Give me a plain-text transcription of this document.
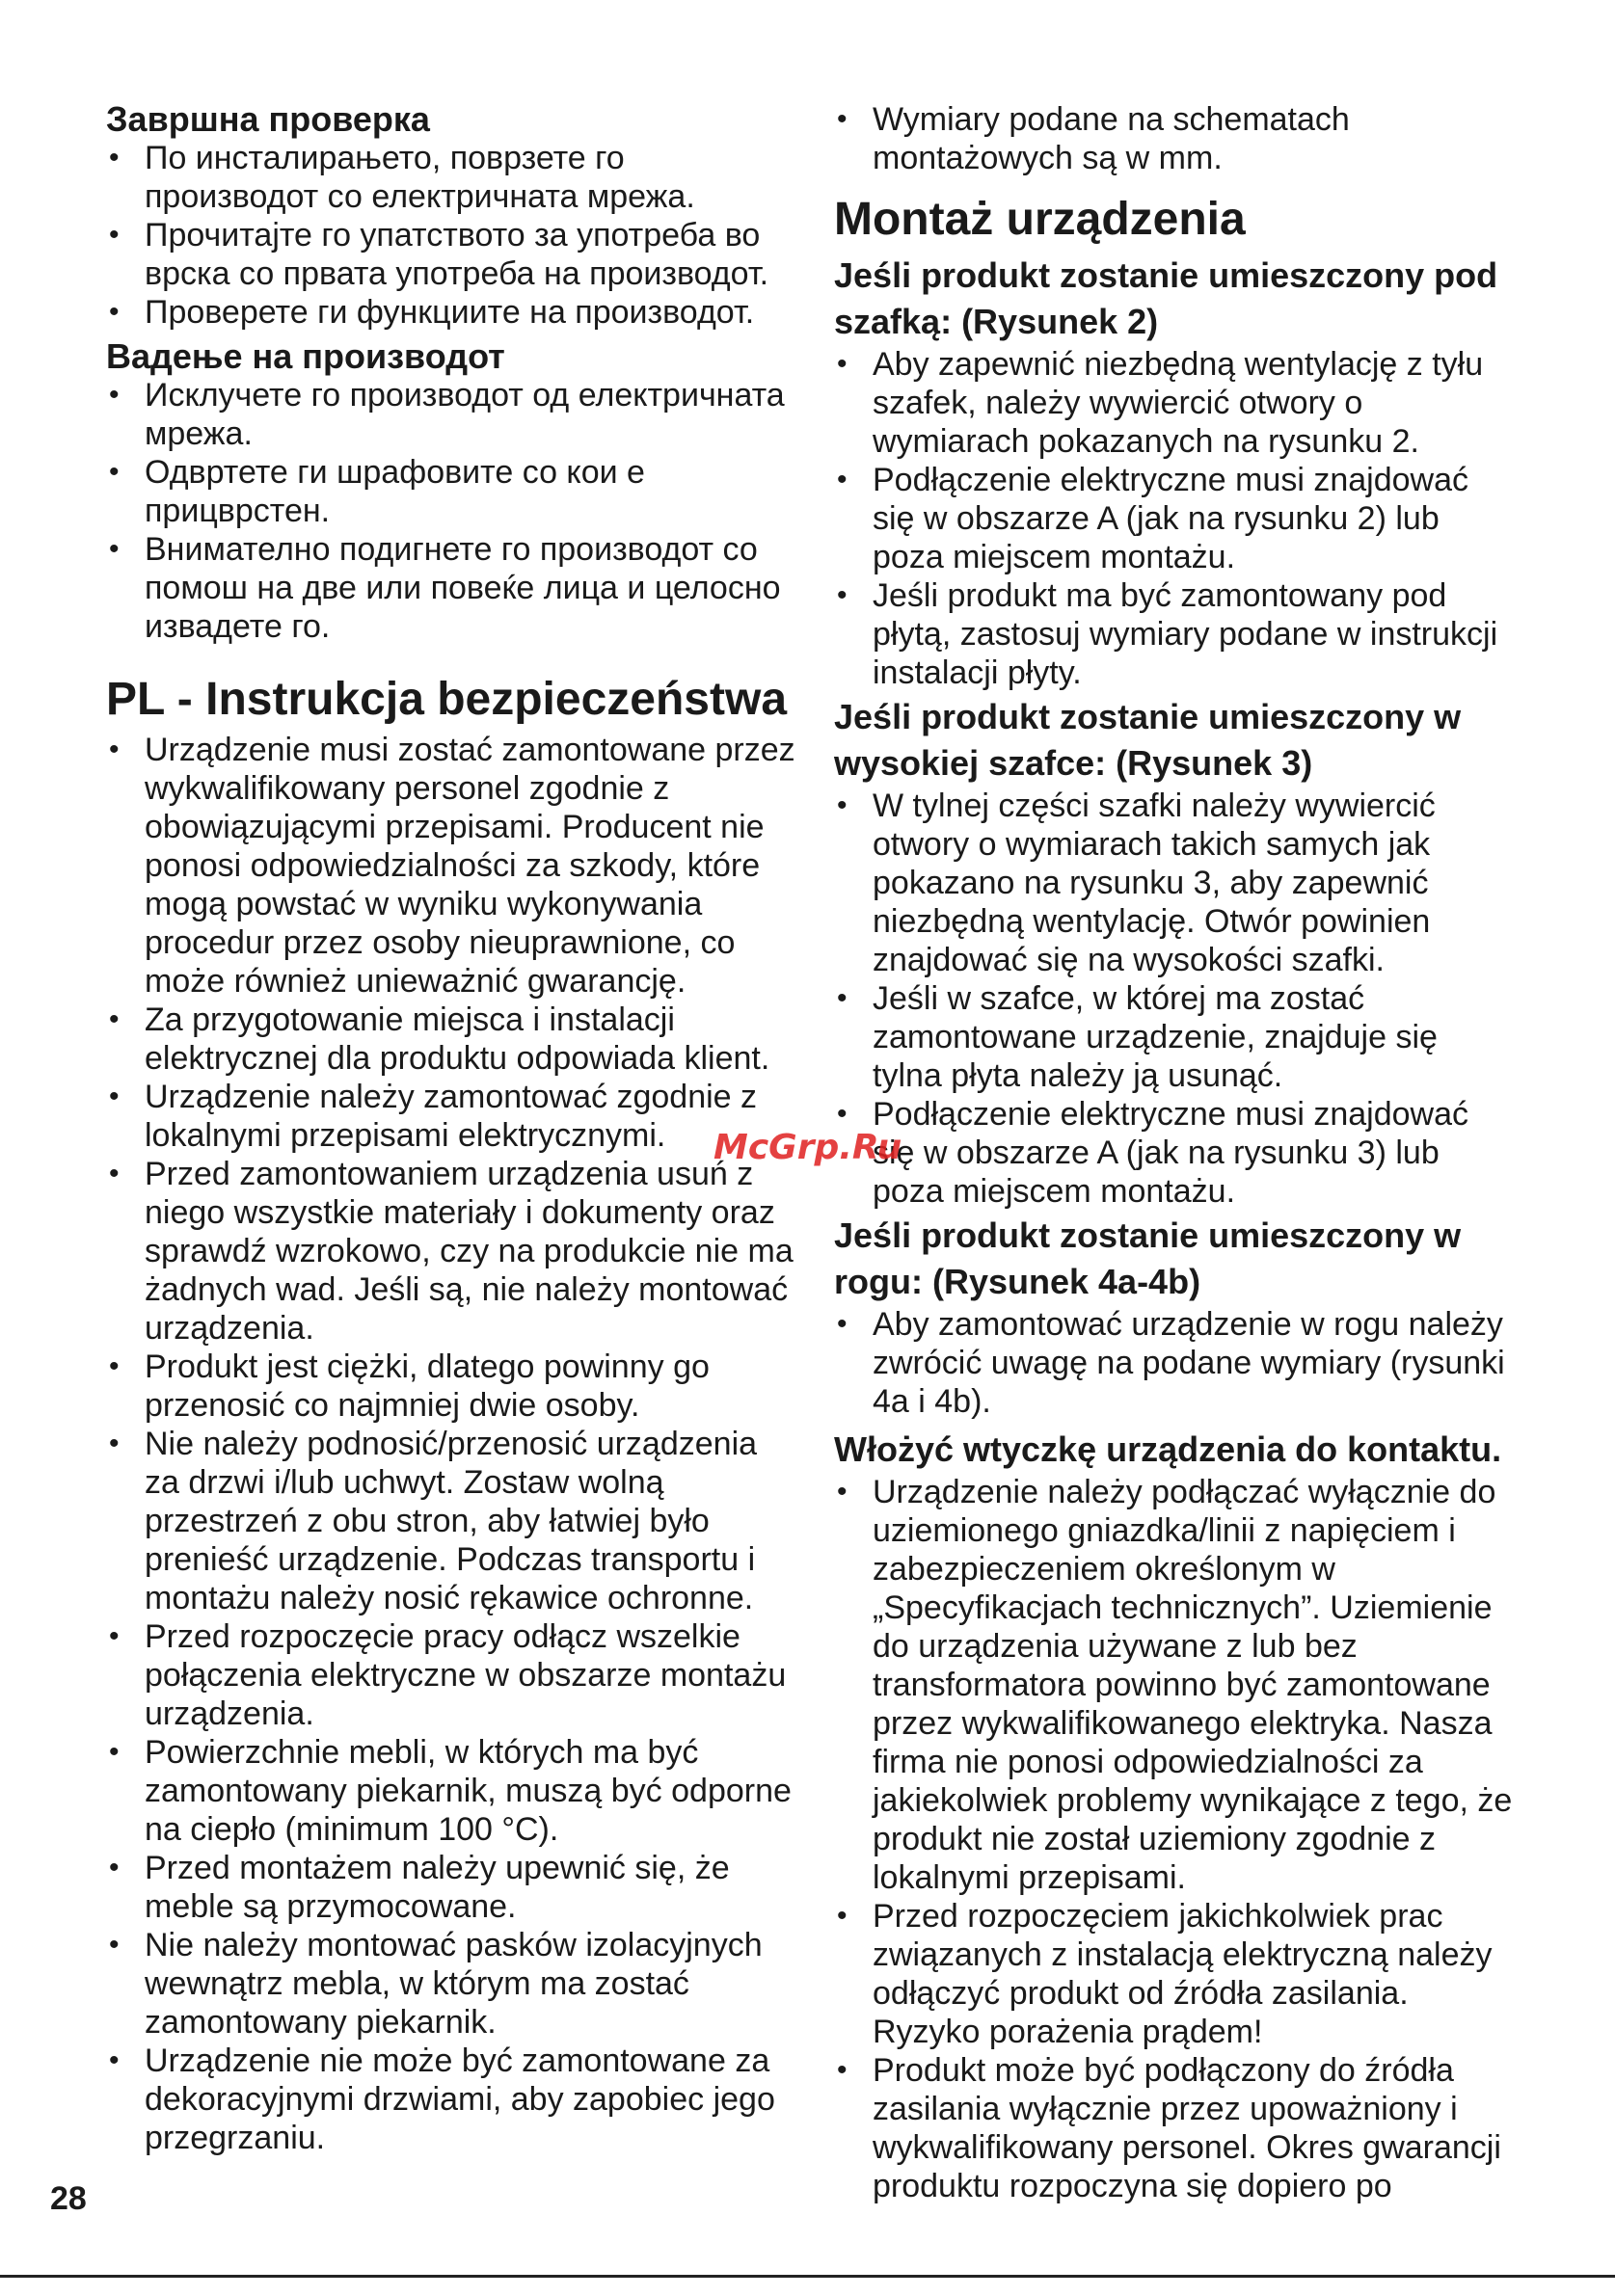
Завршна проверка
• По инсталирањето, поврзете го производот со електричната мрежа.
• Прочитајте го упатството за употреба во врска со првата употреба на производот.
• Проверете ги функциите на производот.
Вадење на производот
• Исклучете го производот од електричната мрежа.
• Одвртете ги шрафовите со кои е прицврстен.
• Внимателно подигнете го производот со помош на две или повеќе лица и целосно извадете го.
PL - Instrukcja bezpieczeństwa
• Urządzenie musi zostać zamontowane przez wykwalifikowany personel zgodnie z obowiązującymi przepisami. Producent nie ponosi odpowiedzialności za szkody, które mogą powstać w wyniku wykonywania procedur przez osoby nieuprawnione, co może również unieważnić gwarancję.
• Za przygotowanie miejsca i instalacji elektrycznej dla produktu odpowiada klient.
• Urządzenie należy zamontować zgodnie z lokalnymi przepisami elektrycznymi.
• Przed zamontowaniem urządzenia usuń z niego wszystkie materiały i dokumenty oraz sprawdź wzrokowo, czy na produkcie nie ma żadnych wad. Jeśli są, nie należy montować urządzenia.
• Produkt jest ciężki, dlatego powinny go przenosić co najmniej dwie osoby.
• Nie należy podnosić/przenosić urządzenia za drzwi i/lub uchwyt. Zostaw wolną przestrzeń z obu stron, aby łatwiej było prenieść urządzenie. Podczas transportu i montażu należy nosić rękawice ochronne.
• Przed rozpoczęcie pracy odłącz wszelkie połączenia elektryczne w obszarze montażu urządzenia.
• Powierzchnie mebli, w których ma być zamontowany piekarnik, muszą być odporne na ciepło (minimum 100 °C).
• Przed montażem należy upewnić się, że meble są przymocowane.
• Nie należy montować pasków izolacyjnych wewnątrz mebla, w którym ma zostać zamontowany piekarnik.
• Urządzenie nie może być zamontowane za dekoracyjnymi drzwiami, aby zapobiec jego przegrzaniu.
• Wymiary podane na schematach montażowych są w mm.
Montaż urządzenia
Jeśli produkt zostanie umieszczony pod szafką: (Rysunek 2)
• Aby zapewnić niezbędną wentylację z tyłu szafek, należy wywiercić otwory o wymiarach pokazanych na rysunku 2.
• Podłączenie elektryczne musi znajdować się w obszarze A (jak na rysunku 2) lub poza miejscem montażu.
• Jeśli produkt ma być zamontowany pod płytą, zastosuj wymiary podane w instrukcji instalacji płyty.
Jeśli produkt zostanie umieszczony w wysokiej szafce: (Rysunek 3)
• W tylnej części szafki należy wywiercić otwory o wymiarach takich samych jak pokazano na rysunku 3, aby zapewnić niezbędną wentylację. Otwór powinien znajdować się na wysokości szafki.
• Jeśli w szafce, w której ma zostać zamontowane urządzenie, znajduje się tylna płyta należy ją usunąć.
• Podłączenie elektryczne musi znajdować się w obszarze A (jak na rysunku 3) lub poza miejscem montażu.
Jeśli produkt zostanie umieszczony w rogu: (Rysunek 4a-4b)
• Aby zamontować urządzenie w rogu należy zwrócić uwagę na podane wymiary (rysunki 4a i 4b).
Włożyć wtyczkę urządzenia do kontaktu.
• Urządzenie należy podłączać wyłącznie do uziemionego gniazdka/linii z napięciem i zabezpieczeniem określonym w „Specyfikacjach technicznych”. Uziemienie do urządzenia używane z lub bez transformatora powinno być zamontowane przez wykwalifikowanego elektryka. Nasza firma nie ponosi odpowiedzialności za jakiekolwiek problemy wynikające z tego, że produkt nie został uziemiony zgodnie z lokalnymi przepisami.
• Przed rozpoczęciem jakichkolwiek prac związanych z instalacją elektryczną należy odłączyć produkt od źródła zasilania. Ryzyko porażenia prądem!
• Produkt może być podłączony do źródła zasilania wyłącznie przez upoważniony i wykwalifikowany personel. Okres gwarancji produktu rozpoczyna się dopiero po
McGrp.Ru
28
